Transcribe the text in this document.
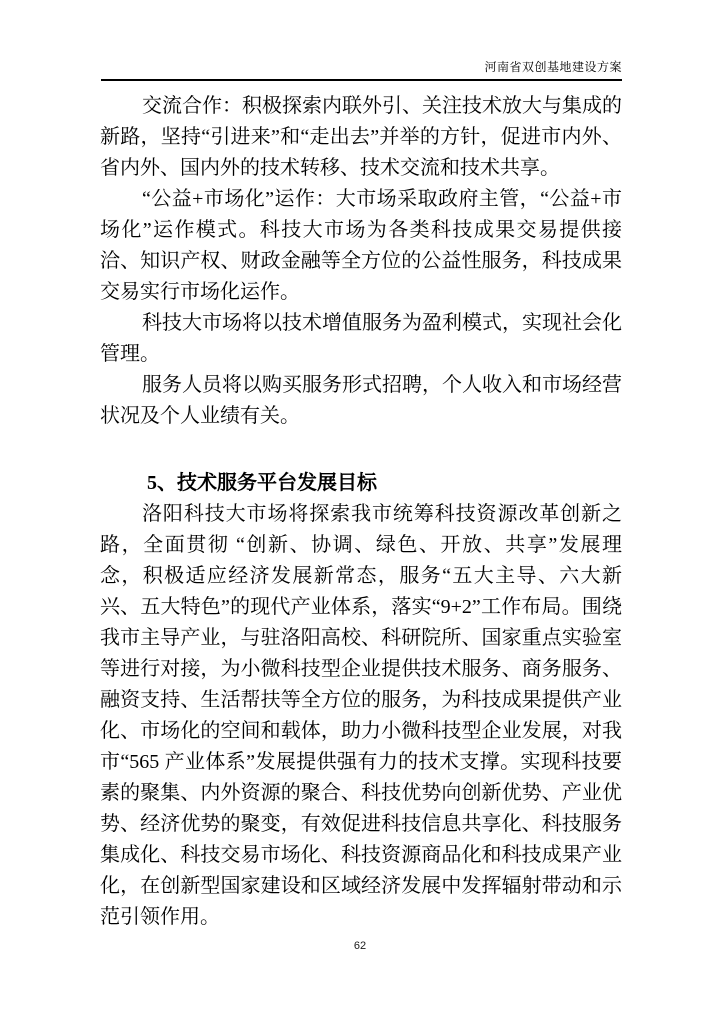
河南省双创基地建设方案

交流合作：积极探索内联外引、关注技术放大与集成的新路，坚持“引进来”和“走出去”并举的方针，促进市内外、省内外、国内外的技术转移、技术交流和技术共享。

“公益+市场化”运作：大市场采取政府主管，“公益+市场化”运作模式。科技大市场为各类科技成果交易提供接洽、知识产权、财政金融等全方位的公益性服务，科技成果交易实行市场化运作。

科技大市场将以技术增值服务为盈利模式，实现社会化管理。

服务人员将以购买服务形式招聘，个人收入和市场经营状况及个人业绩有关。

5、技术服务平台发展目标

洛阳科技大市场将探索我市统筹科技资源改革创新之路，全面贯彻 “创新、协调、绿色、开放、共享”发展理念，积极适应经济发展新常态，服务“五大主导、六大新兴、五大特色”的现代产业体系，落实“9+2”工作布局。围绕我市主导产业，与驻洛阳高校、科研院所、国家重点实验室等进行对接，为小微科技型企业提供技术服务、商务服务、融资支持、生活帮扶等全方位的服务，为科技成果提供产业化、市场化的空间和载体，助力小微科技型企业发展，对我市“565 产业体系”发展提供强有力的技术支撑。实现科技要素的聚集、内外资源的聚合、科技优势向创新优势、产业优势、经济优势的聚变，有效促进科技信息共享化、科技服务集成化、科技交易市场化、科技资源商品化和科技成果产业化，在创新型国家建设和区域经济发展中发挥辐射带动和示范引领作用。

62
